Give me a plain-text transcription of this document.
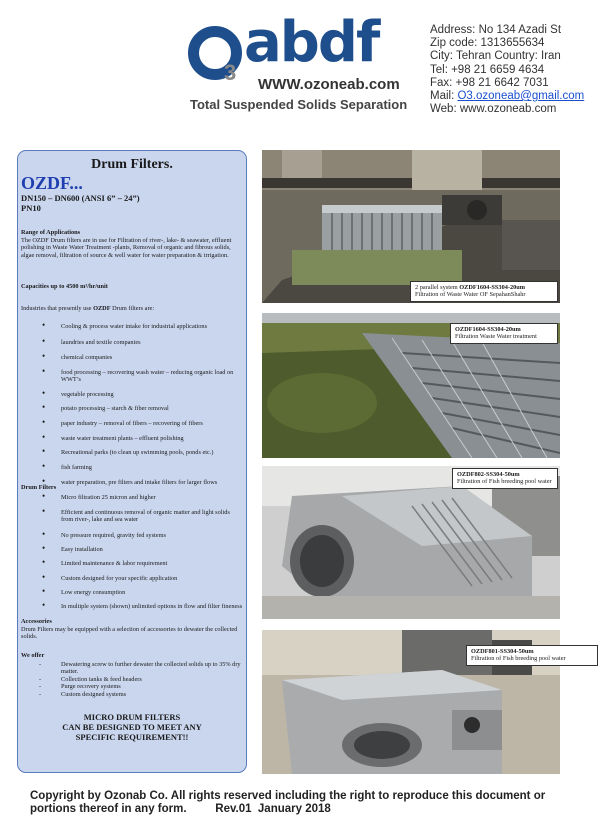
3 abdf
WWW.ozoneab.com
Total Suspended Solids Separation
Address: No 134 Azadi St
Zip code: 1313655634
City: Tehran Country: Iran
Tel: +98 21 6659 4634
Fax: +98 21 6642 7031
Mail: O3.ozoneab@gmail.com
Web: www.ozoneab.com
Drum Filters.
OZDF...
DN150 – DN600 (ANSI 6” – 24”)
PN10
Range of Applications
The OZDF Drum filters are in use for Filtration of river-, lake- & seawater, effluent polishing in Waste Water Treatment -plants, Removal of organic and fibrous solids, algae removal, filtration of source & well water for water preparation & irrigation.
Capacities up to 4500 m³/hr/unit
Industries that presently use OZDF Drum filters are:
• Cooling & process water intake for industrial applications
• laundries and textile companies
• chemical companies
• food processing – recovering wash water – reducing organic load on WWT’s
• vegetable processing
• potato processing – starch & fiber removal
• paper industry – removal of fibers – recovering of fibers
• waste water treatment plants – effluent polishing
• Recreational parks (to clean up swimming pools, ponds etc.)
• fish farming
• water preparation, pre filters and intake filters for larger flows
Drum Filters
• Micro filtration 25 micron and higher
• Efficient and continuous removal of organic matter and light solids from river-, lake and sea water
• No pressure required, gravity fed systems
• Easy installation
• Limited maintenance & labor requirement
• Custom designed for your specific application
• Low energy consumption
• In multiple system (shown) unlimited options in flow and filter fineness
Accessories
Drum Filters may be equipped with a selection of accessories to dewater the collected solids.
We offer
- Dewatering screw to further dewater the collected solids up to 35% dry matter.
- Collection tanks & feed headers
- Purge recovery systems
- Custom designed systems
MICRO DRUM FILTERS
CAN BE DESIGNED TO MEET ANY
SPECIFIC REQUIREMENT!!
2 parallel system OZDF1604-SS304-20um
Filtration of Waste Water OF SepahanShahr
OZDF1604-SS304-20um
Filtration Waste Water treatment
OZDF802-SS304-50um
Filtration of Fish breeding pool water
OZDF801-SS304-50um
Filtration of Fish breeding pool water
Copyright by Ozonab Co. All rights reserved including the right to reproduce this document or
portions thereof in any form.         Rev.01  January 2018
